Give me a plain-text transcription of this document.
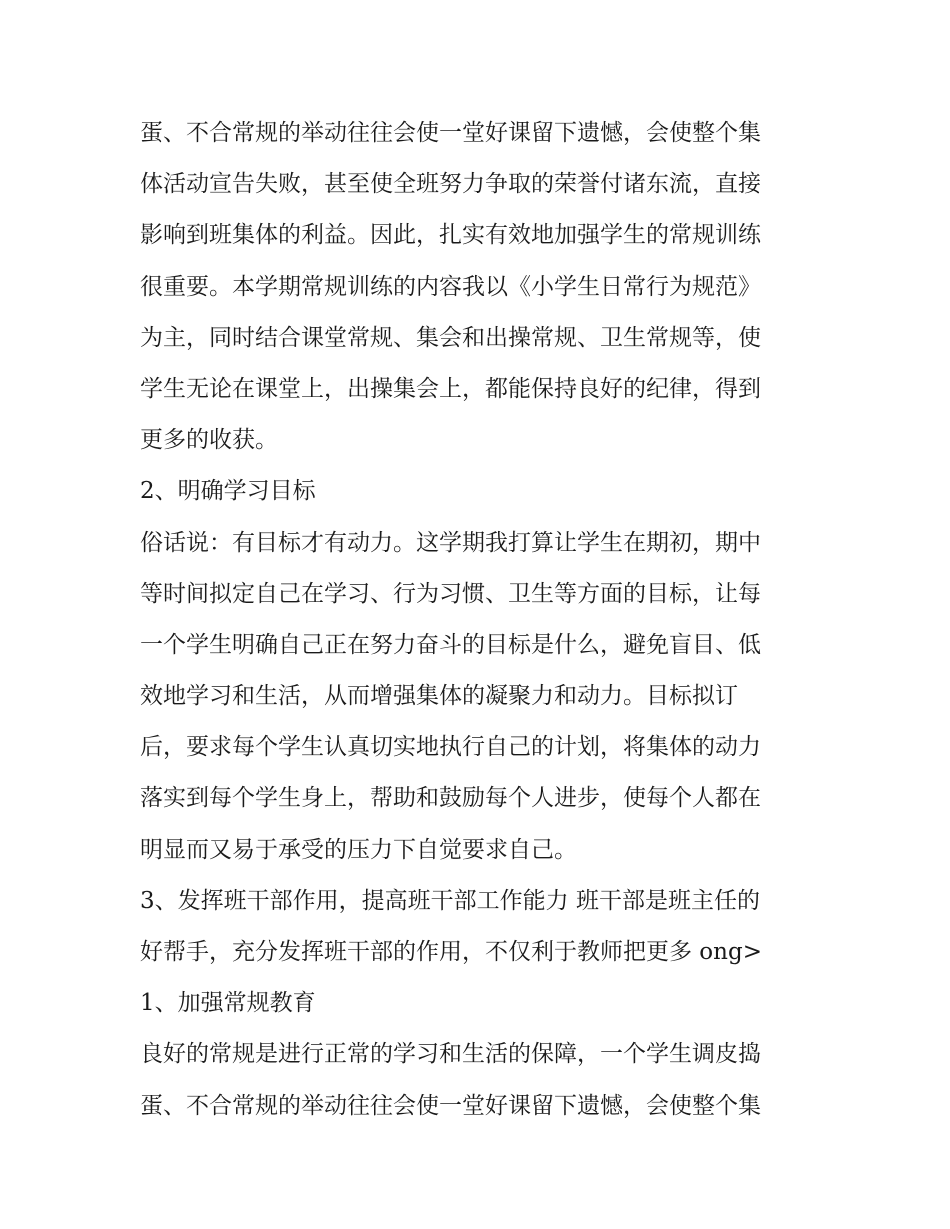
蛋、不合常规的举动往往会使一堂好课留下遗憾，会使整个集
体活动宣告失败，甚至使全班努力争取的荣誉付诸东流，直接
影响到班集体的利益。因此，扎实有效地加强学生的常规训练
很重要。本学期常规训练的内容我以《小学生日常行为规范》
为主，同时结合课堂常规、集会和出操常规、卫生常规等，使
学生无论在课堂上，出操集会上，都能保持良好的纪律，得到
更多的收获。
2、明确学习目标
俗话说：有目标才有动力。这学期我打算让学生在期初，期中
等时间拟定自己在学习、行为习惯、卫生等方面的目标，让每
一个学生明确自己正在努力奋斗的目标是什么，避免盲目、低
效地学习和生活，从而增强集体的凝聚力和动力。目标拟订
后，要求每个学生认真切实地执行自己的计划，将集体的动力
落实到每个学生身上，帮助和鼓励每个人进步，使每个人都在
明显而又易于承受的压力下自觉要求自己。
3、发挥班干部作用，提高班干部工作能力 班干部是班主任的
好帮手，充分发挥班干部的作用，不仅利于教师把更多 ong>
1、加强常规教育
良好的常规是进行正常的学习和生活的保障，一个学生调皮捣
蛋、不合常规的举动往往会使一堂好课留下遗憾，会使整个集
